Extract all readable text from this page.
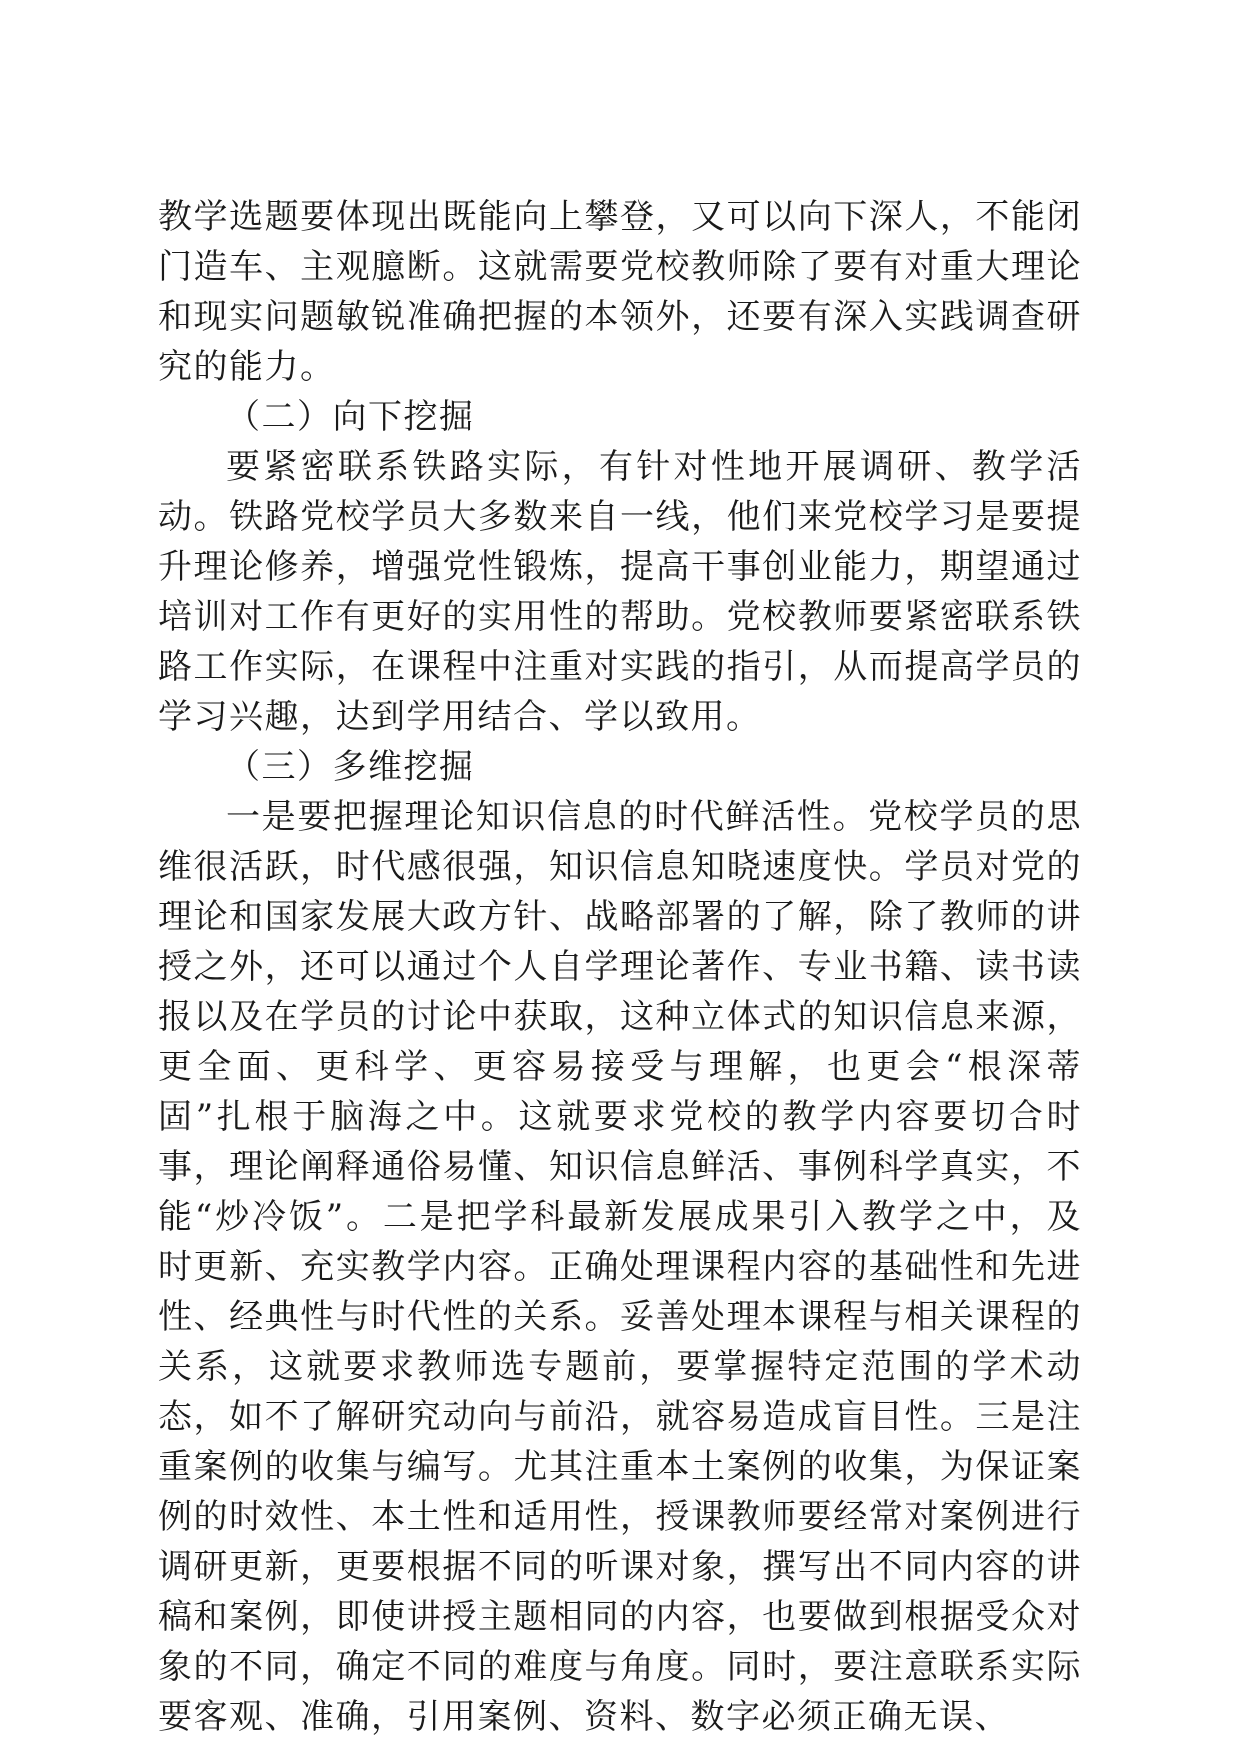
教学选题要体现出既能向上攀登，又可以向下深人，不能闭门造车、主观臆断。这就需要党校教师除了要有对重大理论和现实问题敏锐准确把握的本领外，还要有深入实践调查研究的能力。

（二）向下挖掘

要紧密联系铁路实际，有针对性地开展调研、教学活动。铁路党校学员大多数来自一线，他们来党校学习是要提升理论修养，增强党性锻炼，提高干事创业能力，期望通过培训对工作有更好的实用性的帮助。党校教师要紧密联系铁路工作实际，在课程中注重对实践的指引，从而提高学员的学习兴趣，达到学用结合、学以致用。

（三）多维挖掘

一是要把握理论知识信息的时代鲜活性。党校学员的思维很活跃，时代感很强，知识信息知晓速度快。学员对党的理论和国家发展大政方针、战略部署的了解，除了教师的讲授之外，还可以通过个人自学理论著作、专业书籍、读书读报以及在学员的讨论中获取，这种立体式的知识信息来源，更全面、更科学、更容易接受与理解，也更会“根深蒂固”扎根于脑海之中。这就要求党校的教学内容要切合时事，理论阐释通俗易懂、知识信息鲜活、事例科学真实，不能“炒冷饭”。二是把学科最新发展成果引入教学之中，及时更新、充实教学内容。正确处理课程内容的基础性和先进性、经典性与时代性的关系。妥善处理本课程与相关课程的关系，这就要求教师选专题前，要掌握特定范围的学术动态，如不了解研究动向与前沿，就容易造成盲目性。三是注重案例的收集与编写。尤其注重本土案例的收集，为保证案例的时效性、本土性和适用性，授课教师要经常对案例进行调研更新，更要根据不同的听课对象，撰写出不同内容的讲稿和案例，即使讲授主题相同的内容，也要做到根据受众对象的不同，确定不同的难度与角度。同时，要注意联系实际要客观、准确，引用案例、资料、数字必须正确无误、
